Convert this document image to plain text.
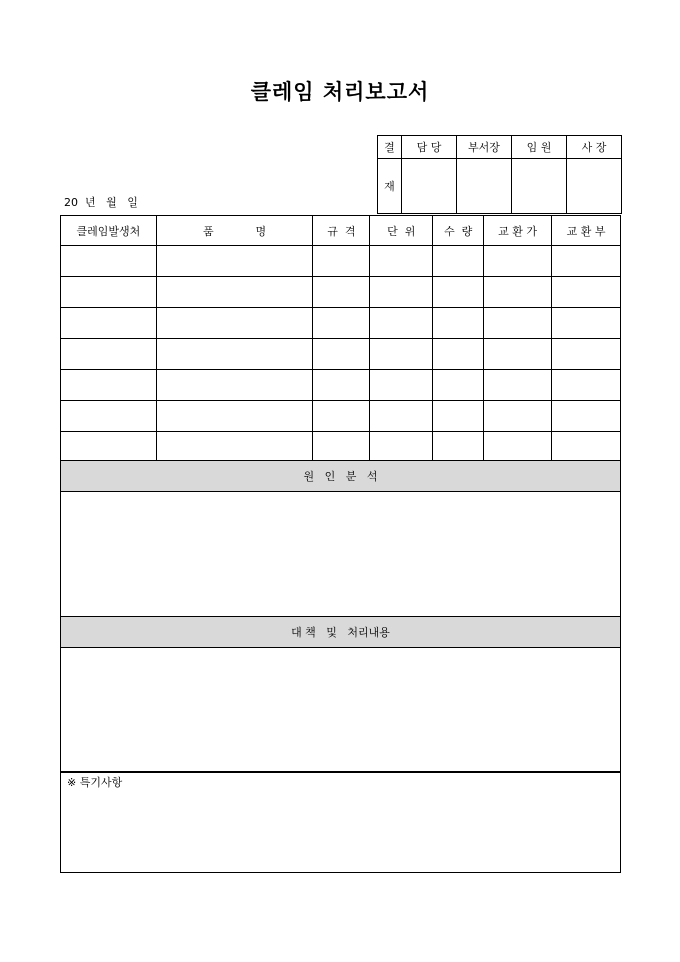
클레임 처리보고서
20  년   월   일
결	담 당	부서장	임 원	사 장
재				
클레임발생처	품            명	규  격	단  위	수  량	교 환 가	교 환 부

원   인   분   석
대 책   및   처리내용
※ 특기사항
